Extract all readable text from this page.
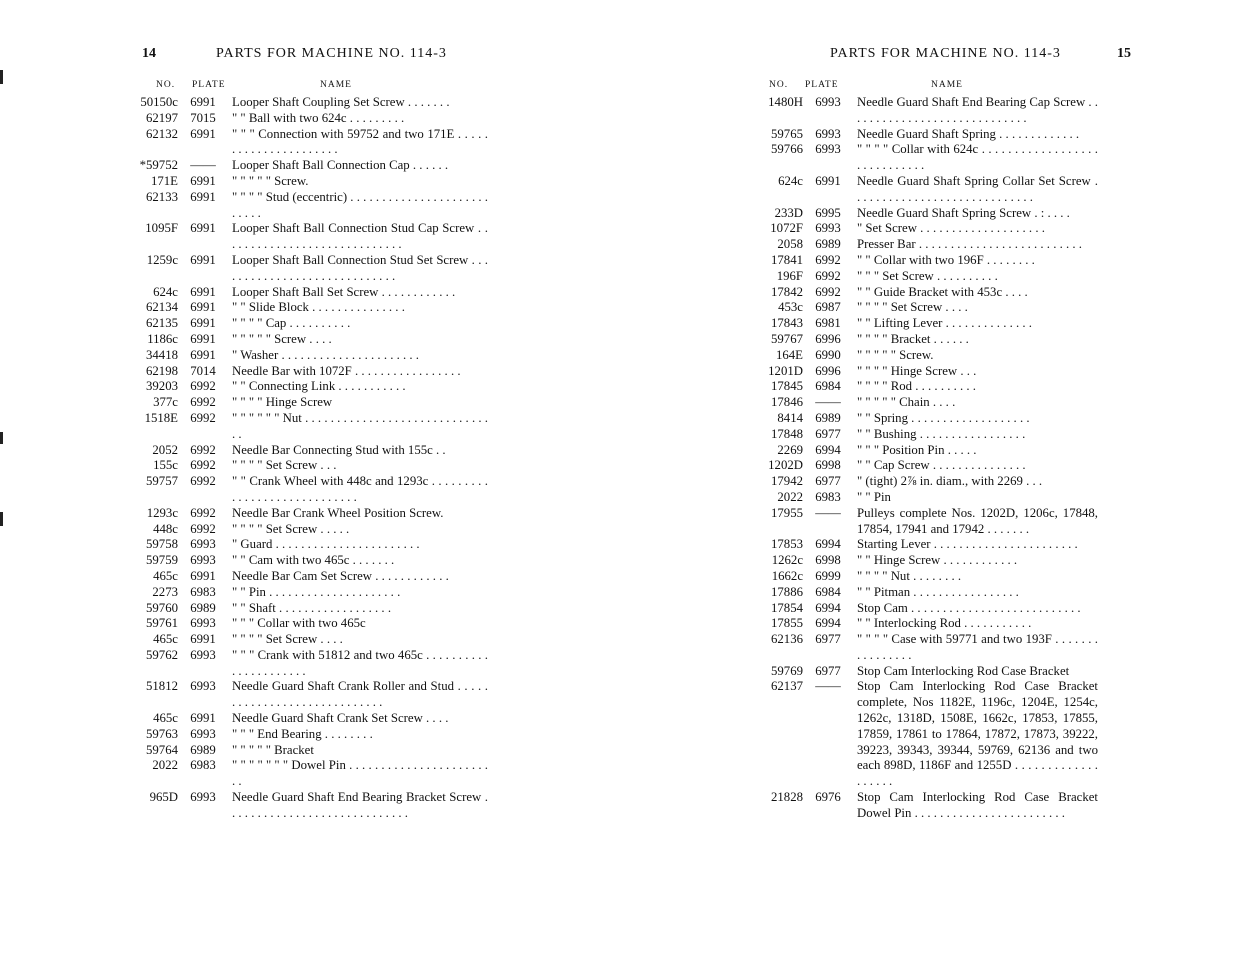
14	PARTS FOR MACHINE NO. 114-3
NO. PLATE	NAME
50150c 6991	Looper Shaft Coupling Set Screw . . . . . . .
62197 7015	" " Ball with two 624c . . . . . . . . .
62132 6991	" " " Connection with 59752 and two 171E . . . . . . . . . . . . . . . . . . . . . .
*59752 ——	Looper Shaft Ball Connection Cap . . . . . .
171E 6991	" " " " " Screw.
62133 6991	" " " " Stud (eccentric) . . . . . . . . . . . . . . . . . . . . . . . . . . .
1095F 6991	Looper Shaft Ball Connection Stud Cap Screw . . . . . . . . . . . . . . . . . . . . . . . . . . . . .
1259c 6991	Looper Shaft Ball Connection Stud Set Screw . . . . . . . . . . . . . . . . . . . . . . . . . . . . .
624c 6991	Looper Shaft Ball Set Screw . . . . . . . . . . . .
62134 6991	" " Slide Block . . . . . . . . . . . . . . .
62135 6991	" " " " Cap . . . . . . . . . .
1186c 6991	" " " " " Screw . . . .
34418 6991	" Washer . . . . . . . . . . . . . . . . . . . . . .
62198 7014	Needle Bar with 1072F . . . . . . . . . . . . . . . . .
39203 6992	" " Connecting Link . . . . . . . . . . .
377c 6992	" " " " Hinge Screw
1518E 6992	" " " " " " Nut . . . . . . . . . . . . . . . . . . . . . . . . . . . . . . .
2052 6992	Needle Bar Connecting Stud with 155c . .
155c 6992	" " " " Set Screw . . .
59757 6992	" " Crank Wheel with 448c and 1293c . . . . . . . . . . . . . . . . . . . . . . . . . . . . .
1293c 6992	Needle Bar Crank Wheel Position Screw.
448c 6992	" " " " Set Screw . . . . .
59758 6993	" Guard . . . . . . . . . . . . . . . . . . . . . . .
59759 6993	" " Cam with two 465c . . . . . . .
465c 6991	Needle Bar Cam Set Screw . . . . . . . . . . . .
2273 6983	" " Pin . . . . . . . . . . . . . . . . . . . . .
59760 6989	" " Shaft . . . . . . . . . . . . . . . . . .
59761 6993	" " " Collar with two 465c
465c 6991	" " " " Set Screw . . . .
59762 6993	" " " Crank with 51812 and two 465c . . . . . . . . . . . . . . . . . . . . . .
51812 6993	Needle Guard Shaft Crank Roller and Stud . . . . . . . . . . . . . . . . . . . . . . . . . . . . .
465c 6991	Needle Guard Shaft Crank Set Screw . . . .
59763 6993	" " " End Bearing . . . . . . . .
59764 6989	" " " " " Bracket
2022 6983	" " " " " " " Dowel Pin . . . . . . . . . . . . . . . . . . . . . . . .
965D 6993	Needle Guard Shaft End Bearing Bracket Screw . . . . . . . . . . . . . . . . . . . . . . . . . . . . .
PARTS FOR MACHINE NO. 114-3	15
NO. PLATE	NAME
1480H 6993	Needle Guard Shaft End Bearing Cap Screw . . . . . . . . . . . . . . . . . . . . . . . . . . . . .
59765 6993	Needle Guard Shaft Spring . . . . . . . . . . . . .
59766 6993	" " " " Collar with 624c . . . . . . . . . . . . . . . . . . . . . . . . . . . . .
624c 6991	Needle Guard Shaft Spring Collar Set Screw . . . . . . . . . . . . . . . . . . . . . . . . . . . . .
233D 6995	Needle Guard Shaft Spring Screw . : . . . .
1072F 6993	" Set Screw . . . . . . . . . . . . . . . . . . . .
2058 6989	Presser Bar . . . . . . . . . . . . . . . . . . . . . . . . . .
17841 6992	" " Collar with two 196F . . . . . . . .
196F 6992	" " " Set Screw . . . . . . . . . .
17842 6992	" " Guide Bracket with 453c . . . .
453c 6987	" " " " Set Screw . . . .
17843 6981	" " Lifting Lever . . . . . . . . . . . . . .
59767 6996	" " " " Bracket . . . . . .
164E 6990	" " " " " Screw.
1201D 6996	" " " " Hinge Screw . . .
17845 6984	" " " " Rod . . . . . . . . . .
17846 ——	" " " " " Chain . . . .
8414 6989	" " Spring . . . . . . . . . . . . . . . . . . .
17848 6977	" " Bushing . . . . . . . . . . . . . . . . .
2269 6994	" " " Position Pin . . . . .
1202D 6998	" " Cap Screw . . . . . . . . . . . . . . .
17942 6977	" (tight) 2⅞ in. diam., with 2269 . . .
2022 6983	" " Pin
17955 ——	Pulleys complete Nos. 1202D, 1206c, 17848, 17854, 17941 and 17942 . . . . . . .
17853 6994	Starting Lever . . . . . . . . . . . . . . . . . . . . . . .
1262c 6998	" " Hinge Screw . . . . . . . . . . . .
1662c 6999	" " " " Nut . . . . . . . .
17886 6984	" " Pitman . . . . . . . . . . . . . . . . .
17854 6994	Stop Cam . . . . . . . . . . . . . . . . . . . . . . . . . . .
17855 6994	" " Interlocking Rod . . . . . . . . . . .
62136 6977	" " " " Case with 59771 and two 193F . . . . . . . . . . . . . . . .
59769 6977	Stop Cam Interlocking Rod Case Bracket
62137 ——	Stop Cam Interlocking Rod Case Bracket complete, Nos 1182E, 1196c, 1204E, 1254c, 1262c, 1318D, 1508E, 1662c, 17853, 17855, 17859, 17861 to 17864, 17872, 17873, 39222, 39223, 39343, 39344, 59769, 62136 and two each 898D, 1186F and 1255D . . . . . . . . . . . . . . . . . . .
21828 6976	Stop Cam Interlocking Rod Case Bracket Dowel Pin . . . . . . . . . . . . . . . . . . . . . . . .
